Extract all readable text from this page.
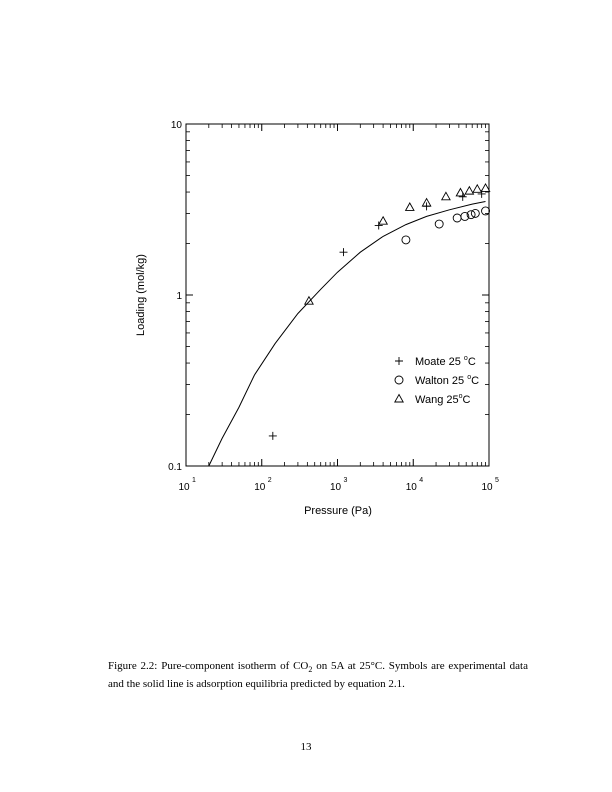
10
1
10
2
10
3
10
4
10
5
0.1
1
10
Pressure (Pa)
Loading (mol/kg)
Moate 25 $^o$C
Walton 25 $^o$C
Wang 25$^o$C
Figure 2.2: Pure-component isotherm of $CO_2$ on 5A at 25°C. Symbols are experimental data and the solid line is adsorption equilibria predicted by equation 2.1.
13
